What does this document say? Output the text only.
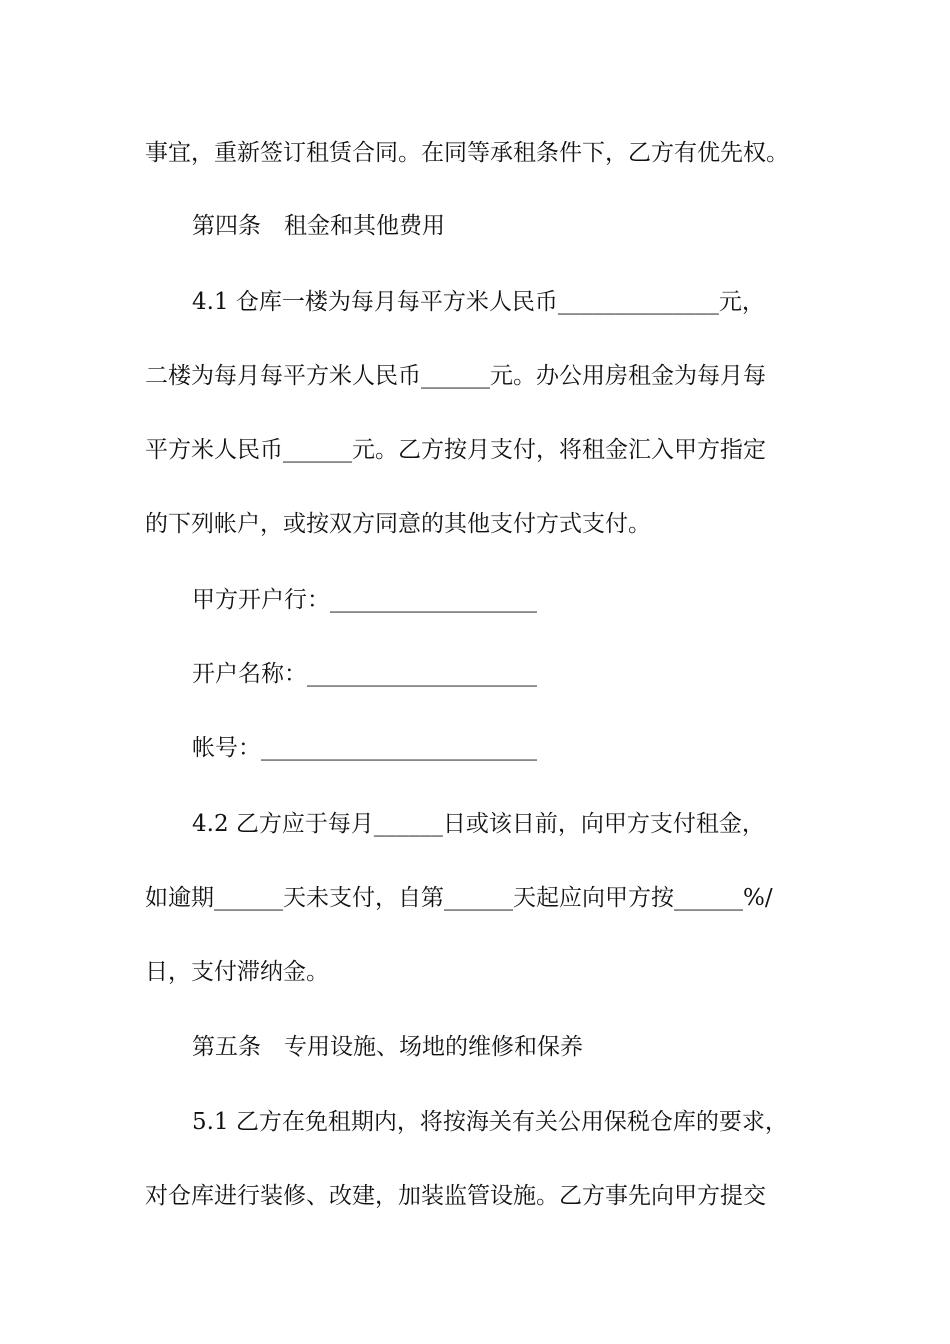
事宜，重新签订租赁合同。在同等承租条件下，乙方有优先权。
第四条　租金和其他费用
4.1 仓库一楼为每月每平方米人民币______________元，
二楼为每月每平方米人民币______元。办公用房租金为每月每
平方米人民币______元。乙方按月支付，将租金汇入甲方指定
的下列帐户，或按双方同意的其他支付方式支付。
甲方开户行：__________________
开户名称：____________________
帐号：________________________
4.2 乙方应于每月______日或该日前，向甲方支付租金，
如逾期______天未支付，自第______天起应向甲方按______%/
日，支付滞纳金。
第五条　专用设施、场地的维修和保养
5.1 乙方在免租期内，将按海关有关公用保税仓库的要求，
对仓库进行装修、改建，加装监管设施。乙方事先向甲方提交
